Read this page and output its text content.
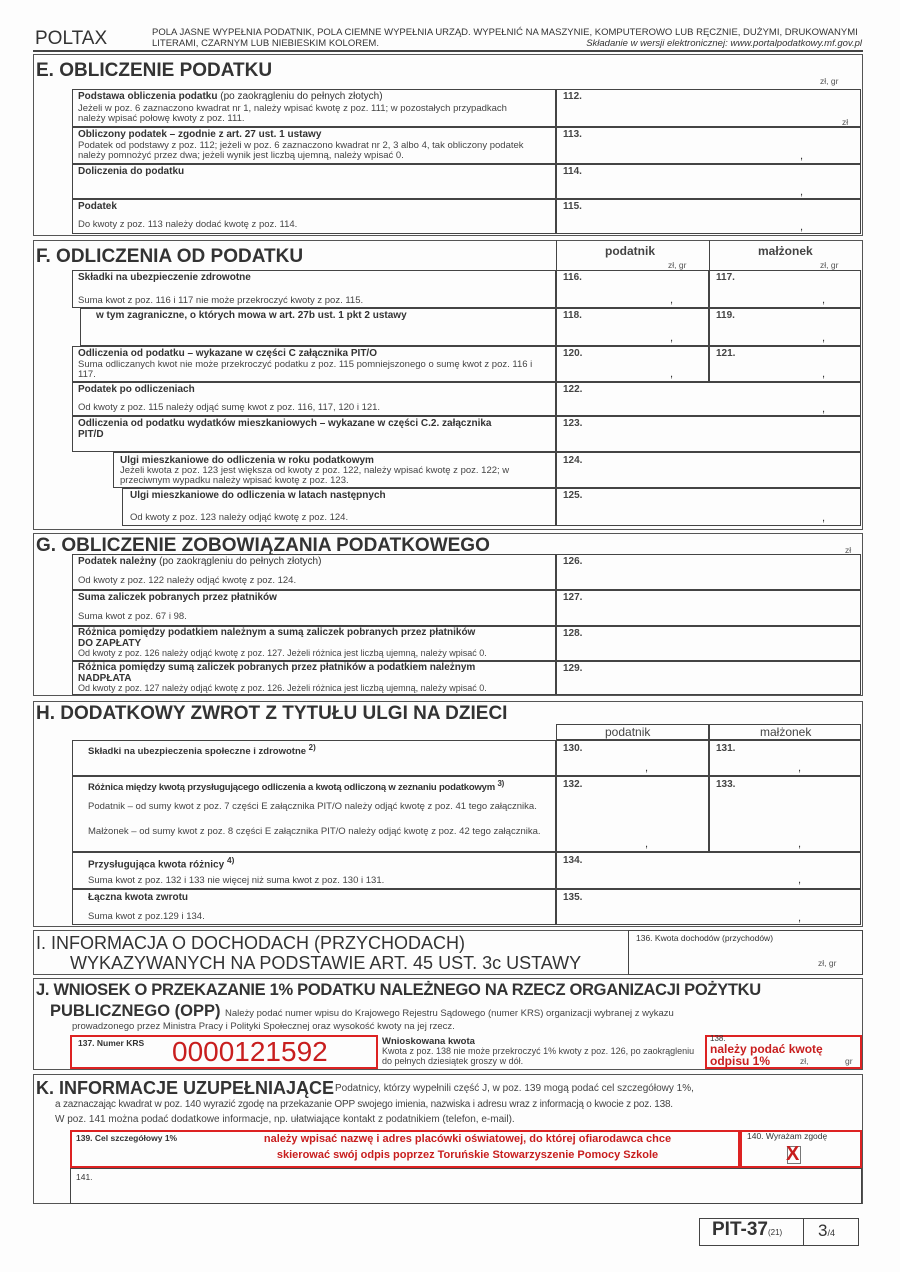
POLTAX	POLA JASNE WYPEŁNIA PODATNIK, POLA CIEMNE WYPEŁNIA URZĄD. WYPEŁNIĆ NA MASZYNIE, KOMPUTEROWO LUB RĘCZNIE, DUŻYMI, DRUKOWANYMI
LITERAMI, CZARNYM LUB NIEBIESKIM KOLOREM.	Składanie w wersji elektronicznej: www.portalpodatkowy.mf.gov.pl
E. OBLICZENIE PODATKU	zł, gr
Podstawa obliczenia podatku (po zaokrągleniu do pełnych złotych)
Jeżeli w poz. 6 zaznaczono kwadrat nr 1, należy wpisać kwotę z poz. 111; w pozostałych przypadkach należy wpisać połowę kwoty z poz. 111.
112.
zł
Obliczony podatek – zgodnie z art. 27 ust. 1 ustawy
Podatek od podstawy z poz. 112; jeżeli w poz. 6 zaznaczono kwadrat nr 2, 3 albo 4, tak obliczony podatek należy pomnożyć przez dwa; jeżeli wynik jest liczbą ujemną, należy wpisać 0.
113.
,
Doliczenia do podatku	114.
,
Podatek
Do kwoty z poz. 113 należy dodać kwotę z poz. 114.
115.
,
F. ODLICZENIA OD PODATKU	podatnik	małżonek
zł, gr	zł, gr
Składki na ubezpieczenie zdrowotne
Suma kwot z poz. 116 i 117 nie może przekroczyć kwoty z poz. 115.
116.	117.
,	,
w tym zagraniczne, o których mowa w art. 27b ust. 1 pkt 2 ustawy	118.	119.
,	,
Odliczenia od podatku – wykazane w części C załącznika PIT/O
Suma odliczanych kwot nie może przekroczyć podatku z poz. 115 pomniejszonego o sumę kwot z poz. 116 i 117.
120.	121.
,	,
Podatek po odliczeniach
Od kwoty z poz. 115 należy odjąć sumę kwot z poz. 116, 117, 120 i 121.
122.
,
Odliczenia od podatku wydatków mieszkaniowych – wykazane w części C.2. załącznika PIT/D
123.
Ulgi mieszkaniowe do odliczenia w roku podatkowym
Jeżeli kwota z poz. 123 jest większa od kwoty z poz. 122, należy wpisać kwotę z poz. 122; w przeciwnym wypadku należy wpisać kwotę z poz. 123.
124.
Ulgi mieszkaniowe do odliczenia w latach następnych
Od kwoty z poz. 123 należy odjąć kwotę z poz. 124.
125.
,
G. OBLICZENIE ZOBOWIĄZANIA PODATKOWEGO	zł
Podatek należny (po zaokrągleniu do pełnych złotych)
Od kwoty z poz. 122 należy odjąć kwotę z poz. 124.
126.
Suma zaliczek pobranych przez płatników
Suma kwot z poz. 67 i 98.
127.
Różnica pomiędzy podatkiem należnym a sumą zaliczek pobranych przez płatników
DO ZAPŁATY
Od kwoty z poz. 126 należy odjąć kwotę z poz. 127. Jeżeli różnica jest liczbą ujemną, należy wpisać 0.
128.
Różnica pomiędzy sumą zaliczek pobranych przez płatników a podatkiem należnym
NADPŁATA
Od kwoty z poz. 127 należy odjąć kwotę z poz. 126. Jeżeli różnica jest liczbą ujemną, należy wpisać 0.
129.
H. DODATKOWY ZWROT Z TYTUŁU ULGI NA DZIECI
podatnik	małżonek
Składki na ubezpieczenia społeczne i zdrowotne $^{2)}$	130.	131.
,	,
Różnica między kwotą przysługującego odliczenia a kwotą odliczoną w zeznaniu podatkowym $^{3)}$
Podatnik – od sumy kwot z poz. 7 części E załącznika PIT/O należy odjąć kwotę z poz. 41 tego załącznika.
Małżonek – od sumy kwot z poz. 8 części E załącznika PIT/O należy odjąć kwotę z poz. 42 tego załącznika.
132.	133.
,	,
Przysługująca kwota różnicy $^{4)}$
Suma kwot z poz. 132 i 133 nie więcej niż suma kwot z poz. 130 i 131.
134.
,
Łączna kwota zwrotu
Suma kwot z poz.129 i 134.
135.
,
I. INFORMACJA O DOCHODACH (PRZYCHODACH)
WYKAZYWANYCH NA PODSTAWIE ART. 45 UST. 3c USTAWY
136. Kwota dochodów (przychodów)
zł, gr
J. WNIOSEK O PRZEKAZANIE 1% PODATKU NALEŻNEGO NA RZECZ ORGANIZACJI POŻYTKU
PUBLICZNEGO (OPP) Należy podać numer wpisu do Krajowego Rejestru Sądowego (numer KRS) organizacji wybranej z wykazu
prowadzonego przez Ministra Pracy i Polityki Społecznej oraz wysokość kwoty na jej rzecz.
137. Numer KRS 0000121592	Wnioskowana kwota
Kwota z poz. 138 nie może przekroczyć 1% kwoty z poz. 126, po zaokrągleniu do pełnych dziesiątek groszy w dół.
138.
należy podać kwotę
odpisu 1%	zł,	gr
K. INFORMACJE UZUPEŁNIAJĄCE Podatnicy, którzy wypełnili część J, w poz. 139 mogą podać cel szczegółowy 1%,
a zaznaczając kwadrat w poz. 140 wyrazić zgodę na przekazanie OPP swojego imienia, nazwiska i adresu wraz z informacją o kwocie z poz. 138.
W poz. 141 można podać dodatkowe informacje, np. ułatwiające kontakt z podatnikiem (telefon, e-mail).
139. Cel szczegółowy 1%	należy wpisać nazwę i adres placówki oświatowej, do której ofiarodawca chce
skierować swój odpis poprzez Toruńskie Stowarzyszenie Pomocy Szkole
140. Wyrażam zgodę
X
141.
PIT-37(21) 3/4
